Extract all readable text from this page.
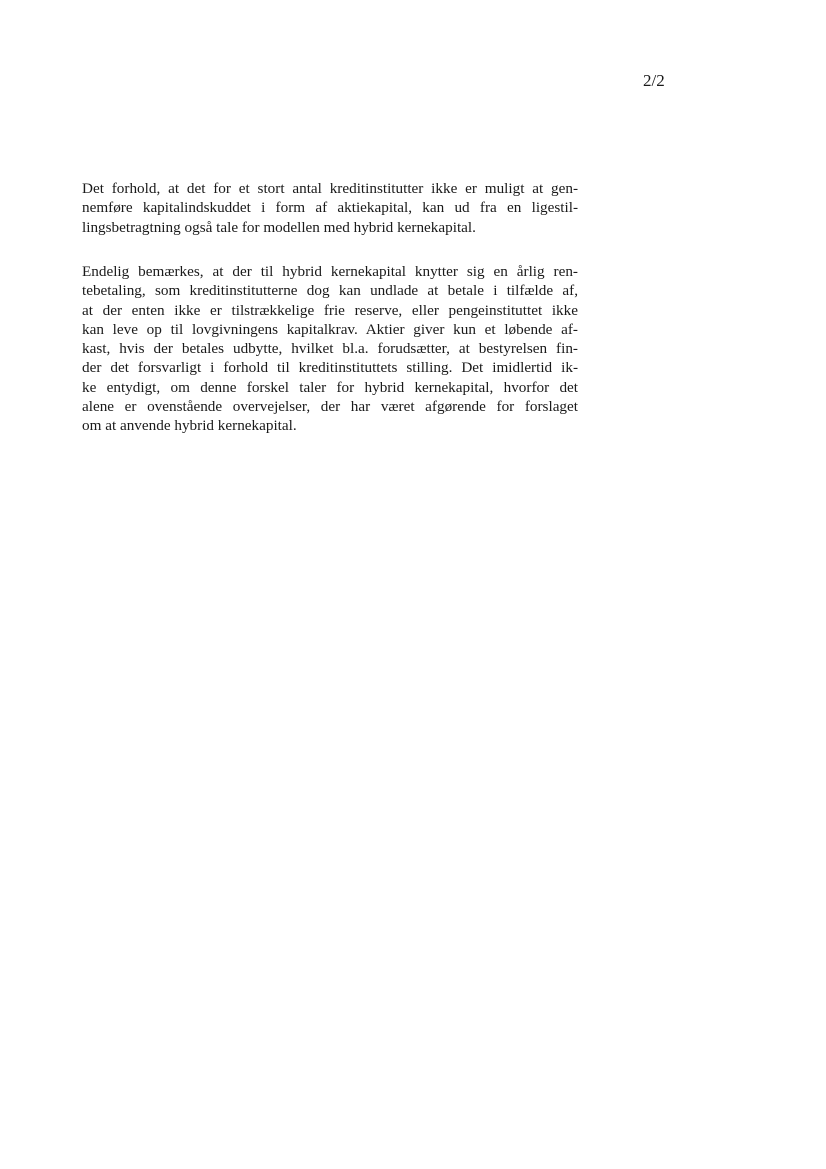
2/2

Det forhold, at det for et stort antal kreditinstitutter ikke er muligt at gen-
nemføre kapitalindskuddet i form af aktiekapital, kan ud fra en ligestil-
lingsbetragtning også tale for modellen med hybrid kernekapital.

Endelig bemærkes, at der til hybrid kernekapital knytter sig en årlig ren-
tebetaling, som kreditinstitutterne dog kan undlade at betale i tilfælde af,
at der enten ikke er tilstrækkelige frie reserve, eller pengeinstituttet ikke
kan leve op til lovgivningens kapitalkrav. Aktier giver kun et løbende af-
kast, hvis der betales udbytte, hvilket bl.a. forudsætter, at bestyrelsen fin-
der det forsvarligt i forhold til kreditinstituttets stilling. Det imidlertid ik-
ke entydigt, om denne forskel taler for hybrid kernekapital, hvorfor det
alene er ovenstående overvejelser, der har været afgørende for forslaget
om at anvende hybrid kernekapital.
